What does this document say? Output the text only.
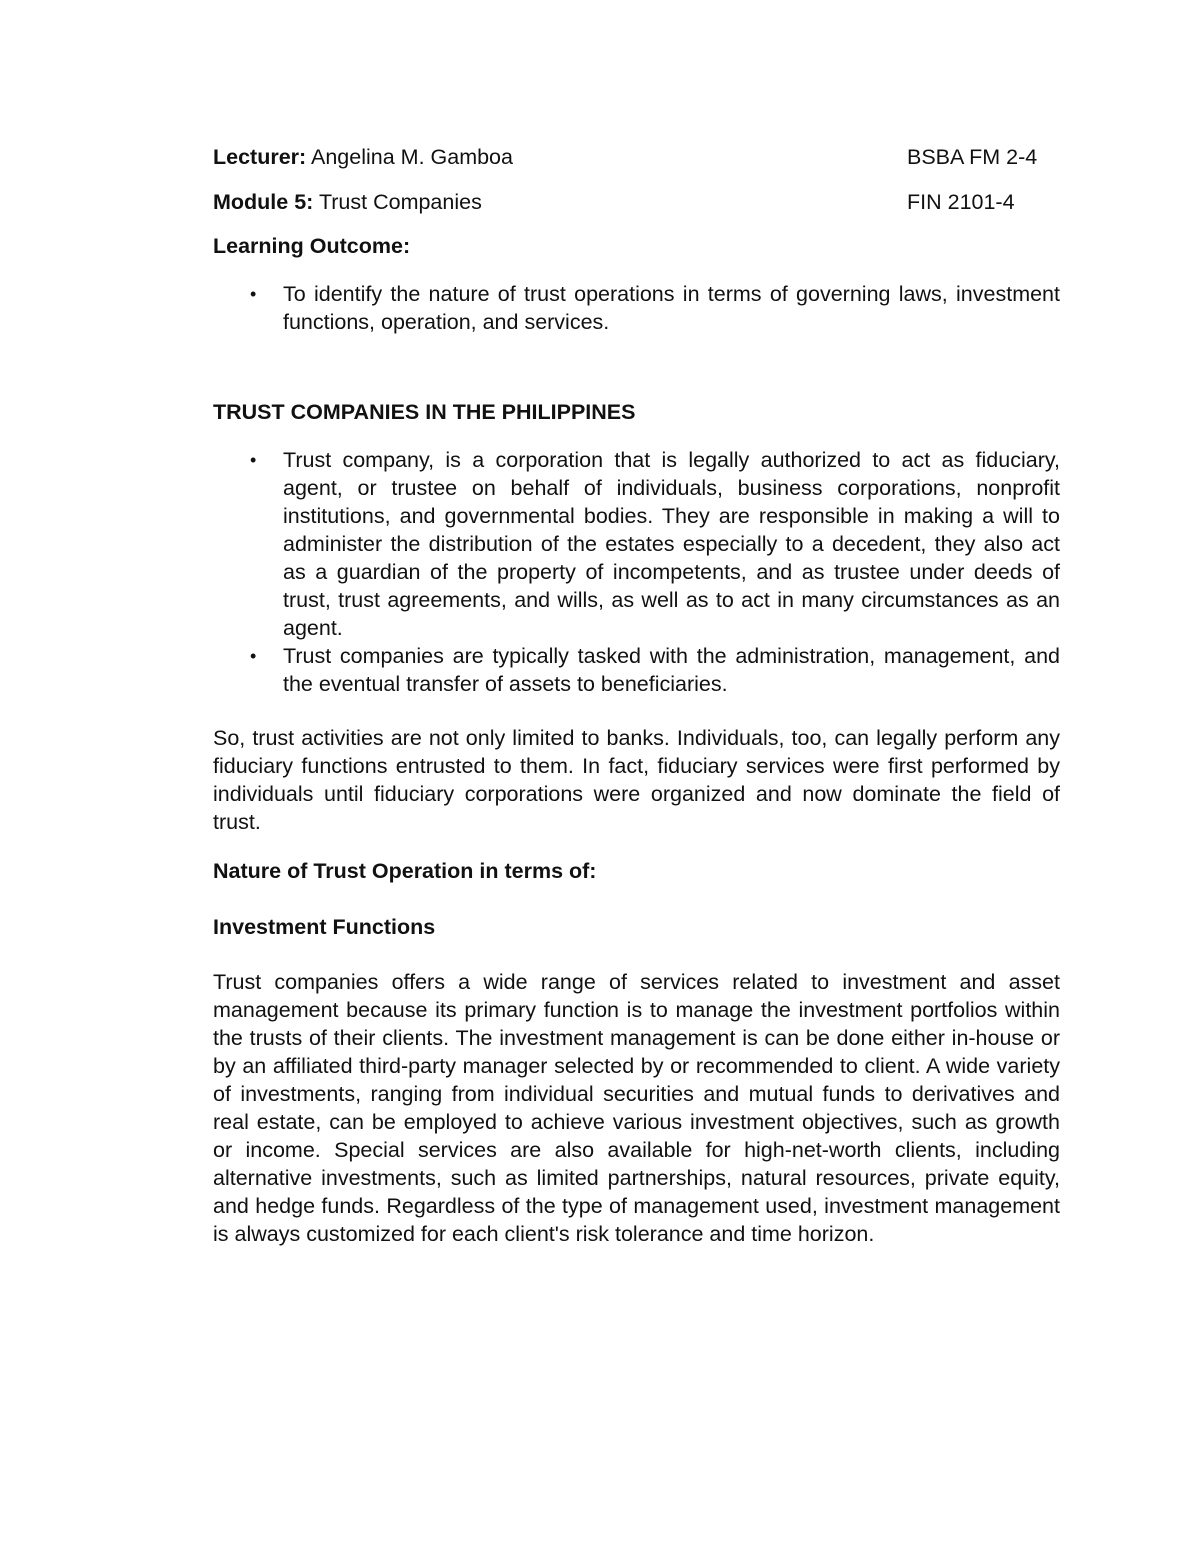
Lecturer: Angelina M. Gamboa	BSBA FM 2-4
Module 5: Trust Companies	FIN 2101-4
Learning Outcome:
• To identify the nature of trust operations in terms of governing laws, investment functions, operation, and services.
TRUST COMPANIES IN THE PHILIPPINES
• Trust company, is a corporation that is legally authorized to act as fiduciary, agent, or trustee on behalf of individuals, business corporations, nonprofit institutions, and governmental bodies. They are responsible in making a will to administer the distribution of the estates especially to a decedent, they also act as a guardian of the property of incompetents, and as trustee under deeds of trust, trust agreements, and wills, as well as to act in many circumstances as an agent.
• Trust companies are typically tasked with the administration, management, and the eventual transfer of assets to beneficiaries.

So, trust activities are not only limited to banks. Individuals, too, can legally perform any fiduciary functions entrusted to them. In fact, fiduciary services were first performed by individuals until fiduciary corporations were organized and now dominate the field of trust.

Nature of Trust Operation in terms of:
Investment Functions

Trust companies offers a wide range of services related to investment and asset management because its primary function is to manage the investment portfolios within the trusts of their clients. The investment management is can be done either in-house or by an affiliated third-party manager selected by or recommended to client. A wide variety of investments, ranging from individual securities and mutual funds to derivatives and real estate, can be employed to achieve various investment objectives, such as growth or income. Special services are also available for high-net-worth clients, including alternative investments, such as limited partnerships, natural resources, private equity, and hedge funds. Regardless of the type of management used, investment management is always customized for each client's risk tolerance and time horizon.
